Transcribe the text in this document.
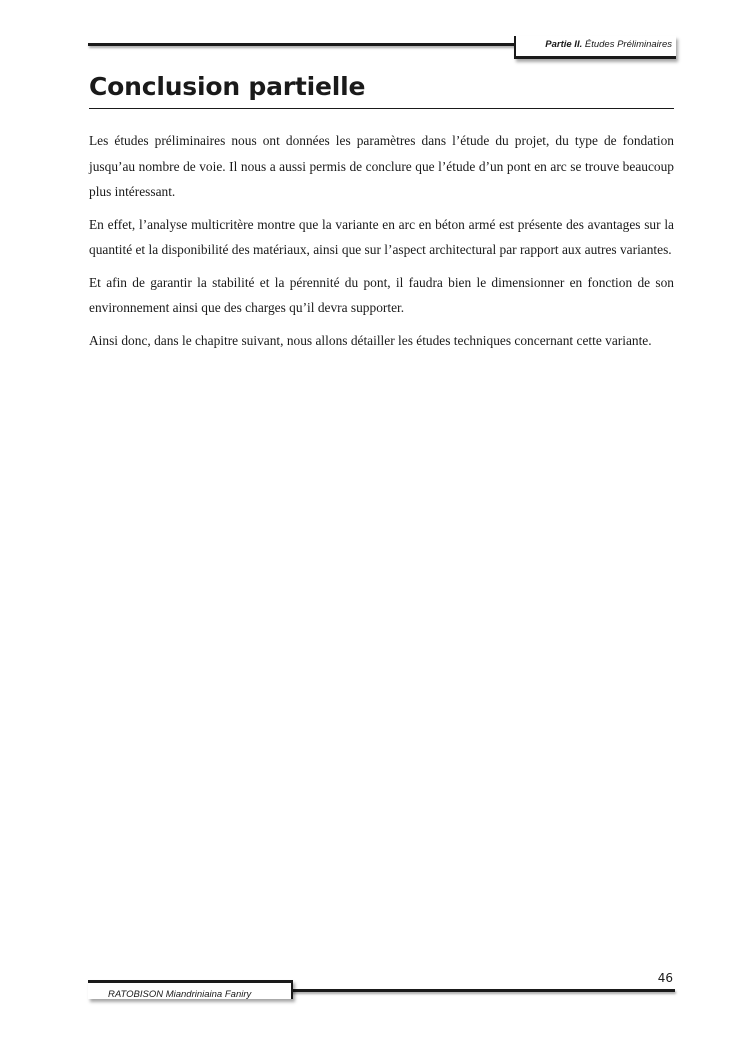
Partie II. Études Préliminaires
Conclusion partielle

Les études préliminaires nous ont données les paramètres dans l’étude du projet, du type de fondation jusqu’au nombre de voie. Il nous a aussi permis de conclure que l’étude d’un pont en arc se trouve beaucoup plus intéressant.

En effet, l’analyse multicritère montre que la variante en arc en béton armé est présente des avantages sur la quantité et la disponibilité des matériaux, ainsi que sur l’aspect architectural par rapport aux autres variantes.

Et afin de garantir la stabilité et la pérennité du pont, il faudra bien le dimensionner en fonction de son environnement ainsi que des charges qu’il devra supporter.

Ainsi donc, dans le chapitre suivant, nous allons détailler les études techniques concernant cette variante.

46
RATOBISON Miandriniaina Faniry
